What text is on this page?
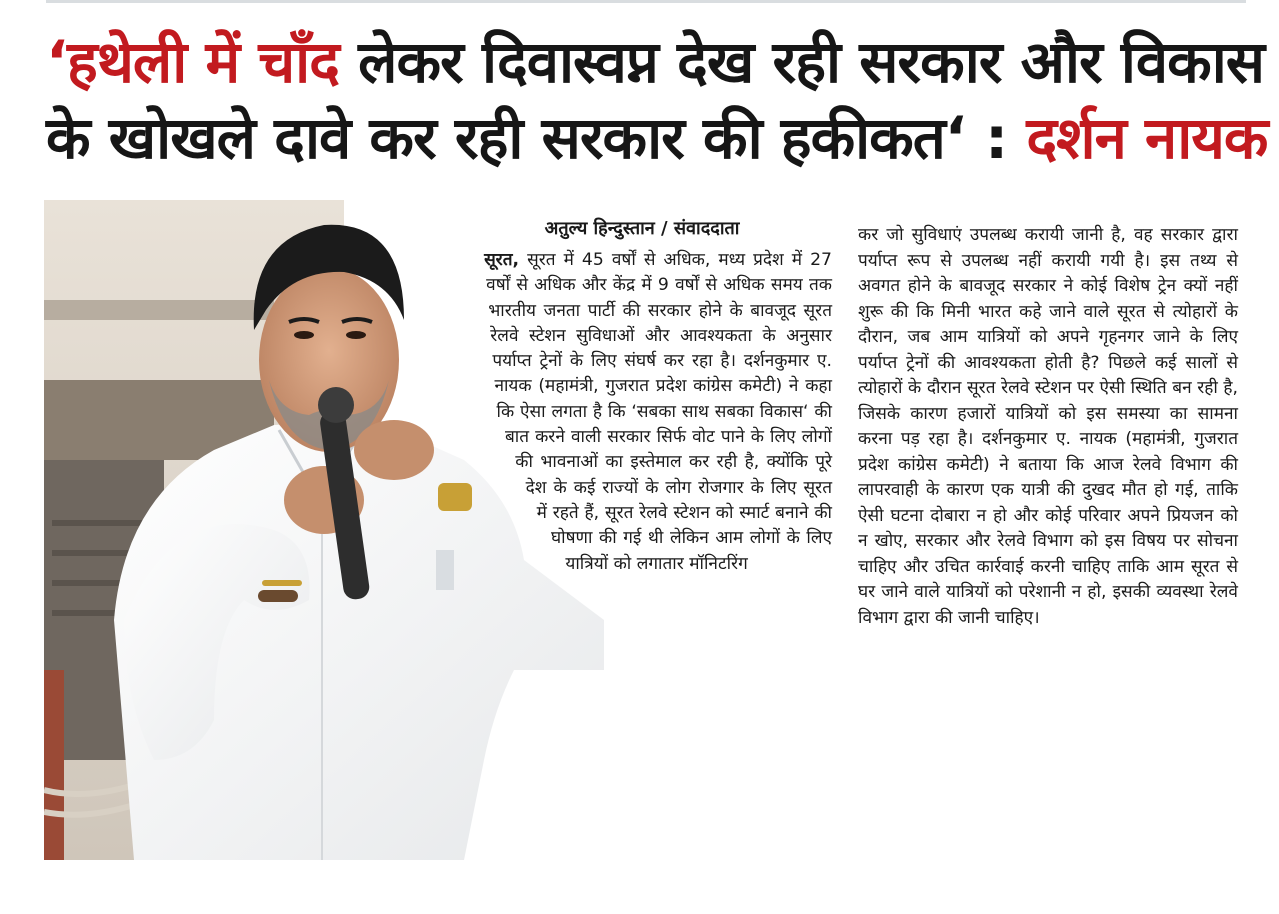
‘हथेली में चाँद लेकर दिवास्वप्न देख रही सरकार और विकास
के खोखले दावे कर रही सरकार की हकीकत‘ : दर्शन नायक
अतुल्य हिन्दुस्तान / संवाददाता
सूरत, सूरत में 45 वर्षों से अधिक, मध्य प्रदेश में 27 वर्षों से अधिक और केंद्र में 9 वर्षों से अधिक समय तक भारतीय जनता पार्टी की सरकार होने के बावजूद सूरत रेलवे स्टेशन सुविधाओं और आवश्यकता के अनुसार पर्याप्त ट्रेनों के लिए संघर्ष कर रहा है। दर्शनकुमार ए. नायक (महामंत्री, गुजरात प्रदेश कांग्रेस कमेटी) ने कहा कि ऐसा लगता है कि ‘सबका साथ सबका विकास‘ की बात करने वाली सरकार सिर्फ वोट पाने के लिए लोगों की भावनाओं का इस्तेमाल कर रही है, क्योंकि पूरे देश के कई राज्यों के लोग रोजगार के लिए सूरत में रहते हैं, सूरत रेलवे स्टेशन को स्मार्ट बनाने की घोषणा की गई थी लेकिन आम लोगों के लिए यात्रियों को लगातार मॉनिटरिंग
कर जो सुविधाएं उपलब्ध करायी जानी है, वह सरकार द्वारा पर्याप्त रूप से उपलब्ध नहीं करायी गयी है। इस तथ्य से अवगत होने के बावजूद सरकार ने कोई विशेष ट्रेन क्यों नहीं शुरू की कि मिनी भारत कहे जाने वाले सूरत से त्योहारों के दौरान, जब आम यात्रियों को अपने गृहनगर जाने के लिए पर्याप्त ट्रेनों की आवश्यकता होती है? पिछले कई सालों से त्योहारों के दौरान सूरत रेलवे स्टेशन पर ऐसी स्थिति बन रही है, जिसके कारण हजारों यात्रियों को इस समस्या का सामना करना पड़ रहा है। दर्शनकुमार ए. नायक (महामंत्री, गुजरात प्रदेश कांग्रेस कमेटी) ने बताया कि आज रेलवे विभाग की लापरवाही के कारण एक यात्री की दुखद मौत हो गई, ताकि ऐसी घटना दोबारा न हो और कोई परिवार अपने प्रियजन को न खोए, सरकार और रेलवे विभाग को इस विषय पर सोचना चाहिए और उचित कार्रवाई करनी चाहिए ताकि आम सूरत से घर जाने वाले यात्रियों को परेशानी न हो, इसकी व्यवस्था रेलवे विभाग द्वारा की जानी चाहिए।
